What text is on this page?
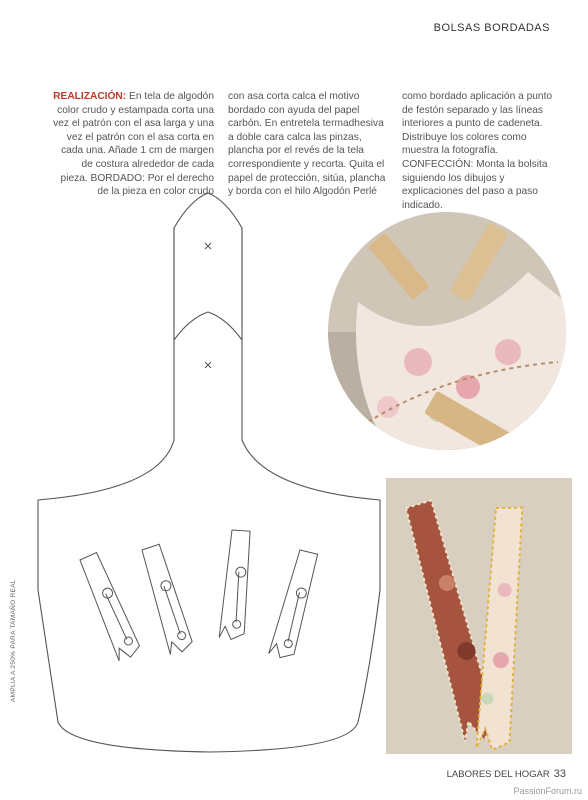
BOLSAS BORDADAS
REALIZACIÓN: En tela de algodón color crudo y estampada corta una vez el patrón con el asa larga y una vez el patrón con el asa corta en cada una. Añade 1 cm de margen de costura alrededor de cada pieza. BORDADO: Por el derecho de la pieza en color crudo
con asa corta calca el motivo bordado con ayuda del papel carbón. En entretela termadhesiva a doble cara calca las pinzas, plancha por el revés de la tela correspondiente y recorta. Quita el papel de protección, sitúa, plancha y borda con el hilo Algodón Perlé
como bordado aplicación a punto de festón separado y las líneas interiores a punto de cadeneta. Distribuye los colores como muestra la fotografía. CONFECCIÓN: Monta la bolsita siguiendo los dibujos y explicaciones del paso a paso indicado.
AMPLIA A 250% PARA TAMAÑO REAL
LABORES DEL HOGAR 33
PassionForum.ru
